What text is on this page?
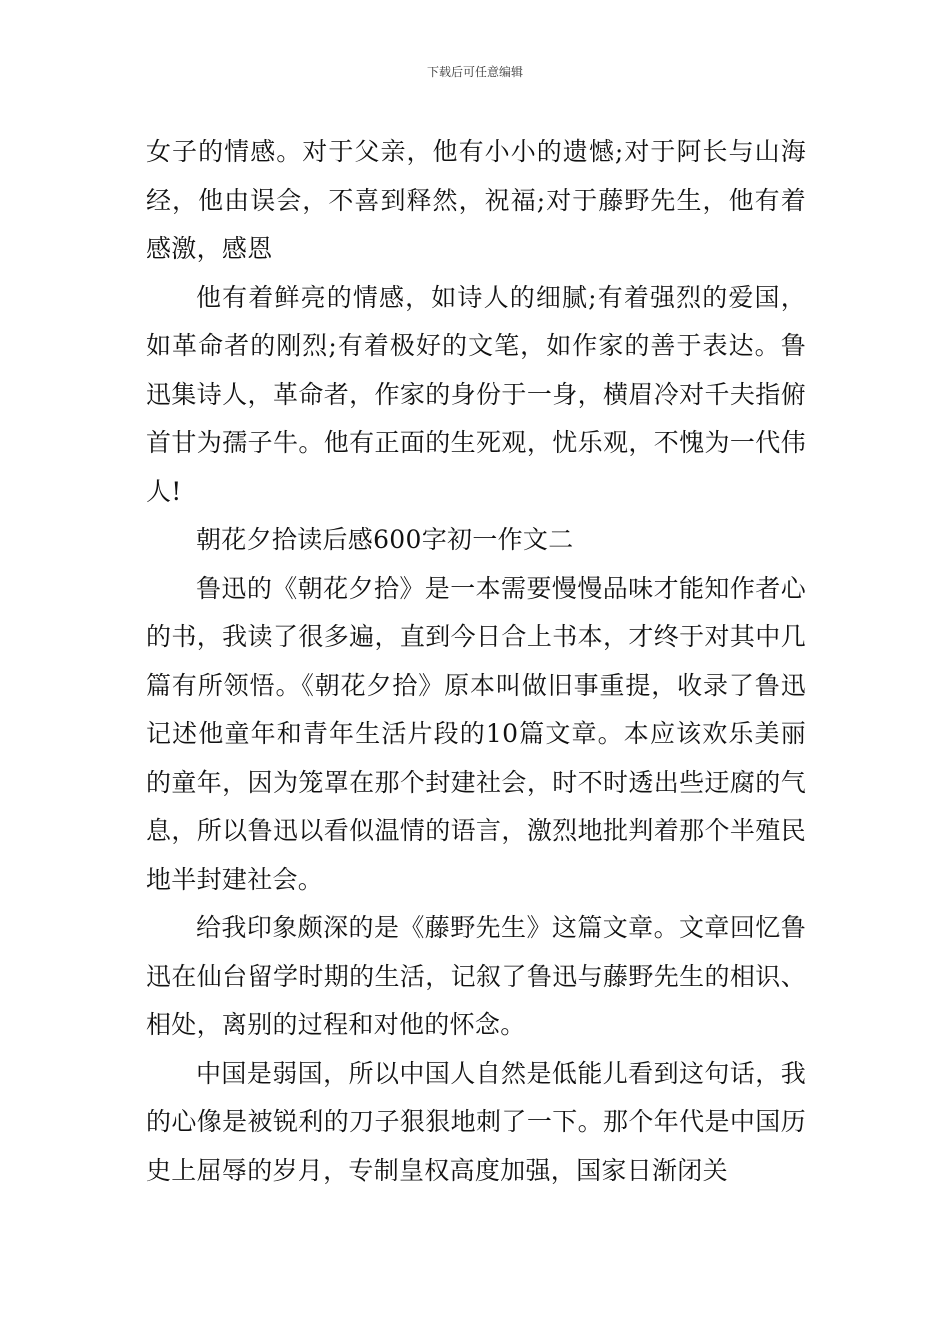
下载后可任意编辑

女子的情感。对于父亲，他有小小的遗憾;对于阿长与山海经，他由误会，不喜到释然，祝福;对于藤野先生，他有着感激，感恩

他有着鲜亮的情感，如诗人的细腻;有着强烈的爱国，如革命者的刚烈;有着极好的文笔，如作家的善于表达。鲁迅集诗人，革命者，作家的身份于一身，横眉冷对千夫指俯首甘为孺子牛。他有正面的生死观，忧乐观，不愧为一代伟人!

朝花夕拾读后感600字初一作文二

鲁迅的《朝花夕拾》是一本需要慢慢品味才能知作者心的书，我读了很多遍，直到今日合上书本，才终于对其中几篇有所领悟。《朝花夕拾》原本叫做旧事重提，收录了鲁迅记述他童年和青年生活片段的10篇文章。本应该欢乐美丽的童年，因为笼罩在那个封建社会，时不时透出些迂腐的气息，所以鲁迅以看似温情的语言，激烈地批判着那个半殖民地半封建社会。

给我印象颇深的是《藤野先生》这篇文章。文章回忆鲁迅在仙台留学时期的生活，记叙了鲁迅与藤野先生的相识、相处，离别的过程和对他的怀念。

中国是弱国，所以中国人自然是低能儿看到这句话，我的心像是被锐利的刀子狠狠地刺了一下。那个年代是中国历史上屈辱的岁月，专制皇权高度加强，国家日渐闭关
